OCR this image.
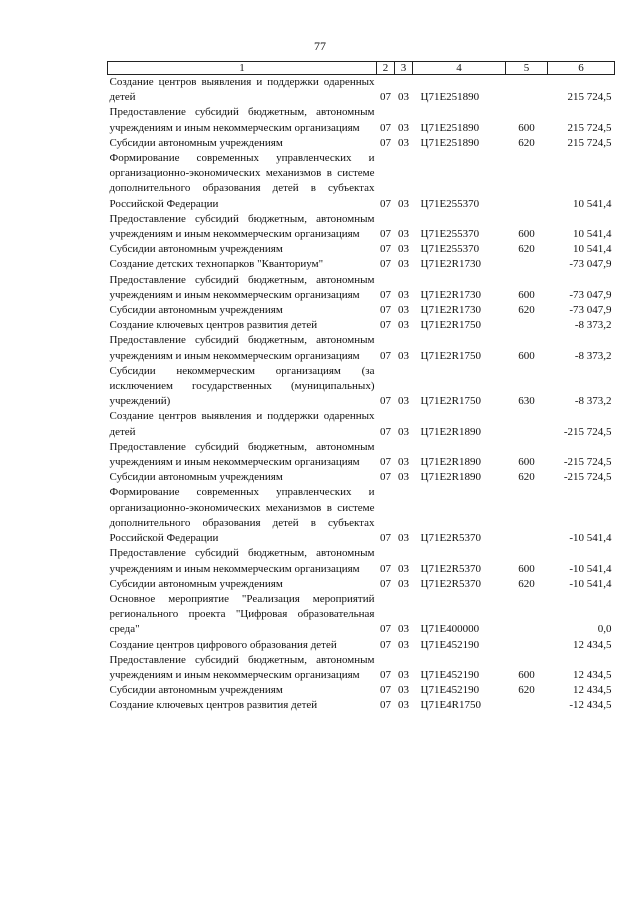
77
1	2	3	4	5	6
Создание центров выявления и поддержки одаренных детей	07	03	Ц71Е251890		215 724,5
Предоставление субсидий бюджетным, автономным учреждениям и иным некоммерческим организациям	07	03	Ц71Е251890	600	215 724,5
Субсидии автономным учреждениям	07	03	Ц71Е251890	620	215 724,5
Формирование современных управленческих и организационно-экономических механизмов в системе дополнительного образования детей в субъектах Российской Федерации	07	03	Ц71Е255370		10 541,4
Предоставление субсидий бюджетным, автономным учреждениям и иным некоммерческим организациям	07	03	Ц71Е255370	600	10 541,4
Субсидии автономным учреждениям	07	03	Ц71Е255370	620	10 541,4
Создание детских технопарков "Кванториум"	07	03	Ц71Е2R1730		-73 047,9
Предоставление субсидий бюджетным, автономным учреждениям и иным некоммерческим организациям	07	03	Ц71Е2R1730	600	-73 047,9
Субсидии автономным учреждениям	07	03	Ц71Е2R1730	620	-73 047,9
Создание ключевых центров развития детей	07	03	Ц71Е2R1750		-8 373,2
Предоставление субсидий бюджетным, автономным учреждениям и иным некоммерческим организациям	07	03	Ц71Е2R1750	600	-8 373,2
Субсидии некоммерческим организациям (за исключением государственных (муниципальных) учреждений)	07	03	Ц71Е2R1750	630	-8 373,2
Создание центров выявления и поддержки одаренных детей	07	03	Ц71Е2R1890		-215 724,5
Предоставление субсидий бюджетным, автономным учреждениям и иным некоммерческим организациям	07	03	Ц71Е2R1890	600	-215 724,5
Субсидии автономным учреждениям	07	03	Ц71Е2R1890	620	-215 724,5
Формирование современных управленческих и организационно-экономических механизмов в системе дополнительного образования детей в субъектах Российской Федерации	07	03	Ц71Е2R5370		-10 541,4
Предоставление субсидий бюджетным, автономным учреждениям и иным некоммерческим организациям	07	03	Ц71Е2R5370	600	-10 541,4
Субсидии автономным учреждениям	07	03	Ц71Е2R5370	620	-10 541,4
Основное мероприятие "Реализация мероприятий регионального проекта "Цифровая образовательная среда"	07	03	Ц71Е400000		0,0
Создание центров цифрового образования детей	07	03	Ц71Е452190		12 434,5
Предоставление субсидий бюджетным, автономным учреждениям и иным некоммерческим организациям	07	03	Ц71Е452190	600	12 434,5
Субсидии автономным учреждениям	07	03	Ц71Е452190	620	12 434,5
Создание ключевых центров развития детей	07	03	Ц71Е4R1750		-12 434,5
